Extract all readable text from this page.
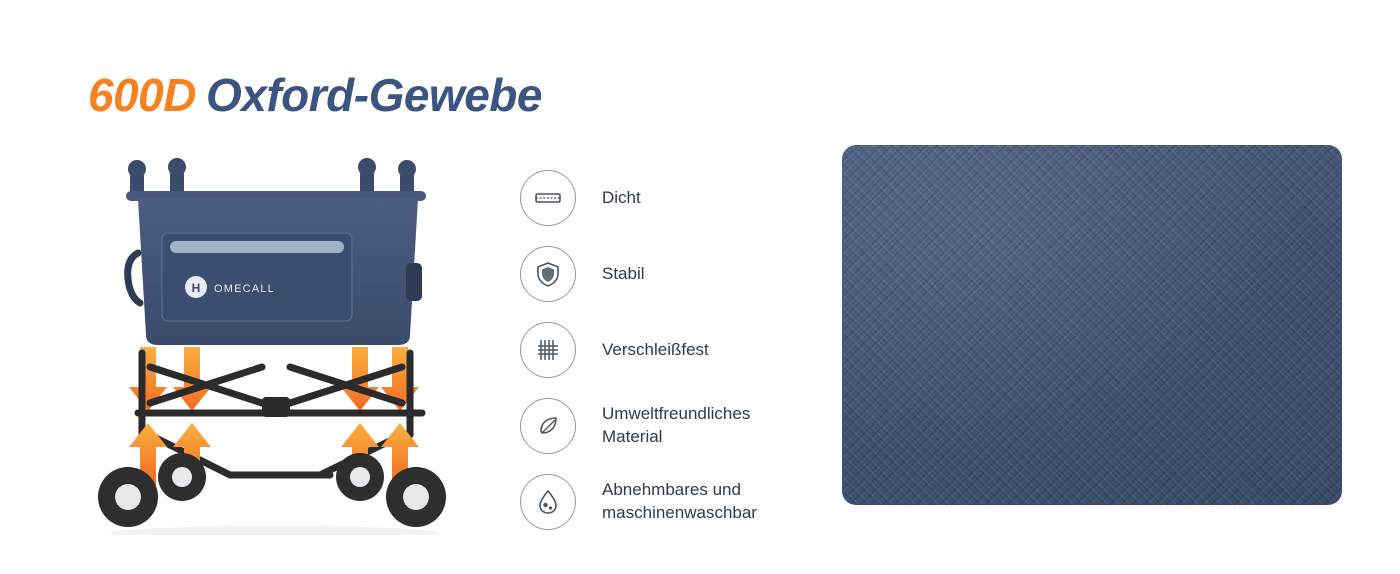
600D Oxford-Gewebe
H OMECALL
Dicht
Stabil
Verschleißfest
Umweltfreundliches Material
Abnehmbares und maschinenwaschbar
